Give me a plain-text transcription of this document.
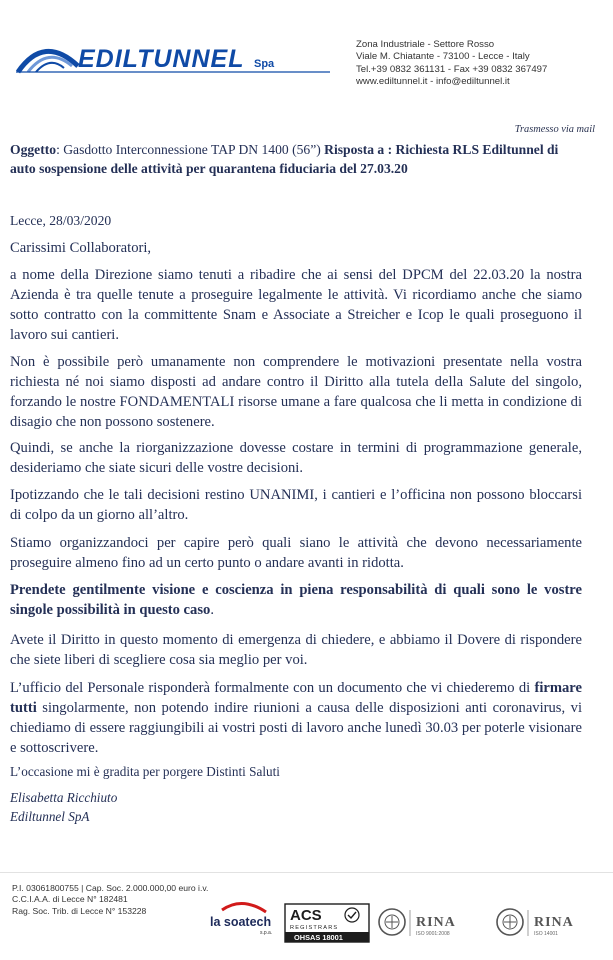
EDILTUNNEL Spa
Zona Industriale - Settore Rosso
Viale M. Chiatante - 73100 - Lecce - Italy
Tel.+39 0832 361131 - Fax +39 0832 367497
www.ediltunnel.it - info@ediltunnel.it
Trasmesso via mail
Oggetto: Gasdotto Interconnessione TAP DN 1400 (56”) Risposta a : Richiesta RLS Ediltunnel di auto sospensione delle attività per quarantena fiduciaria del 27.03.20
Lecce, 28/03/2020
Carissimi Collaboratori,
a nome della Direzione siamo tenuti a ribadire che ai sensi del DPCM del 22.03.20 la nostra Azienda è tra quelle tenute a proseguire legalmente le attività. Vi ricordiamo anche che siamo sotto contratto con la committente Snam e Associate a Streicher e Icop le quali proseguono il lavoro sui cantieri.
Non è possibile però umanamente non comprendere le motivazioni presentate nella vostra richiesta né noi siamo disposti ad andare contro il Diritto alla tutela della Salute del singolo, forzando le nostre FONDAMENTALI risorse umane a fare qualcosa che li metta in condizione di disagio che non possono sostenere.
Quindi, se anche la riorganizzazione dovesse costare in termini di programmazione generale, desideriamo che siate sicuri delle vostre decisioni.
Ipotizzando che le tali decisioni restino UNANIMI, i cantieri e l’officina non possono bloccarsi di colpo da un giorno all’altro.
Stiamo organizzandoci per capire però quali siano le attività che devono necessariamente proseguire almeno fino ad un certo punto o andare avanti in ridotta.
Prendete gentilmente visione e coscienza in piena responsabilità di quali sono le vostre singole possibilità in questo caso.
Avete il Diritto in questo momento di emergenza di chiedere, e abbiamo il Dovere di rispondere che siete liberi di scegliere cosa sia meglio per voi.
L’ufficio del Personale risponderà formalmente con un documento che vi chiederemo di firmare tutti singolarmente, non potendo indire riunioni a causa delle disposizioni anti coronavirus, vi chiediamo di essere raggiungibili ai vostri posti di lavoro anche lunedì 30.03 per poterle visionare e sottoscrivere.
L’occasione mi è gradita per porgere Distinti Saluti
Elisabetta Ricchiuto
Ediltunnel SpA
P.I. 03061800755 | Cap. Soc. 2.000.000,00 euro i.v.
C.C.I.A.A. di Lecce N° 182481
Rag. Soc. Trib. di Lecce N° 153228
la soatech
s.p.a.
ACS
REGISTRARS
OHSAS 18001
RINA
ISO 9001:2008
RINA
ISO 14001
